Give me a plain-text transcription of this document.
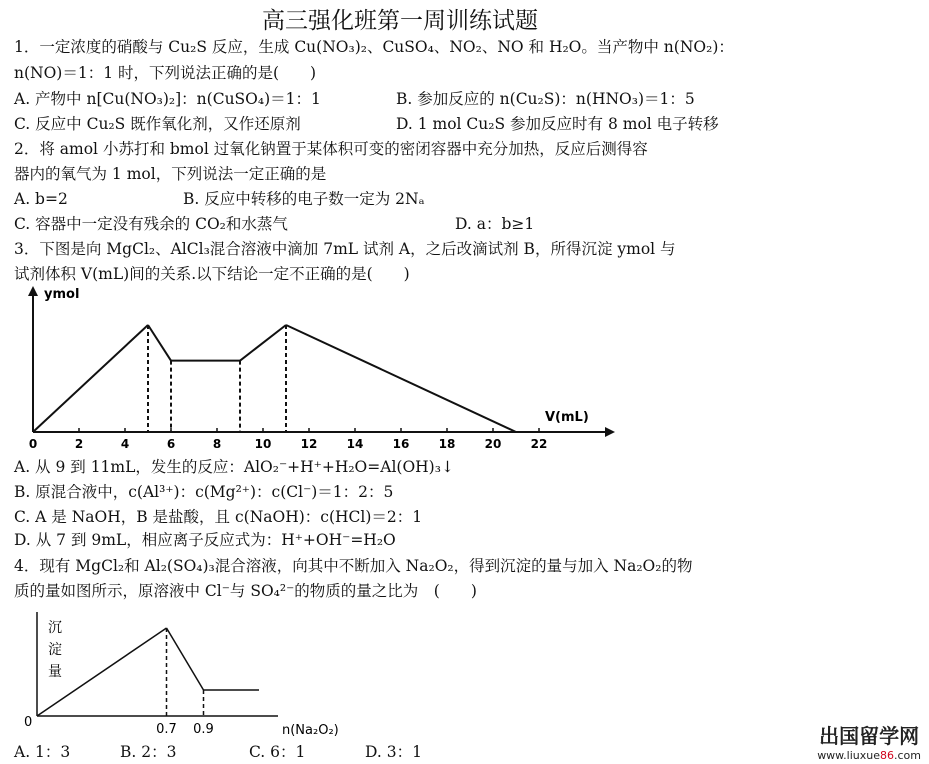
高三强化班第一周训练试题
1．一定浓度的硝酸与 Cu₂S 反应，生成 Cu(NO₃)₂、CuSO₄、NO₂、NO 和 H₂O。当产物中 n(NO₂)：
n(NO)＝1：1 时，下列说法正确的是(　　)
A. 产物中 n[Cu(NO₃)₂]：n(CuSO₄)＝1：1	B. 参加反应的 n(Cu₂S)：n(HNO₃)＝1：5
C. 反应中 Cu₂S 既作氧化剂，又作还原剂	D. 1 mol Cu₂S 参加反应时有 8 mol 电子转移
2．将 amol 小苏打和 bmol 过氧化钠置于某体积可变的密闭容器中充分加热，反应后测得容
器内的氧气为 1 mol，下列说法一定正确的是
A. b=2	B. 反应中转移的电子数一定为 2Nₐ
C. 容器中一定没有残余的 CO₂和水蒸气	D. a：b≥1
3．下图是向 MgCl₂、AlCl₃混合溶液中滴加 7mL 试剂 A，之后改滴试剂 B，所得沉淀 ymol 与
试剂体积 V(mL)间的关系.以下结论一定不正确的是(　　)
0	2	4	6	8	10 12 14 16 18 20 22
ymol
V(mL)
A. 从 9 到 11mL，发生的反应：AlO₂⁻+H⁺+H₂O=Al(OH)₃↓
B. 原混合液中，c(Al³⁺)：c(Mg²⁺)：c(Cl⁻)＝1：2：5
C. A 是 NaOH，B 是盐酸，且 c(NaOH)：c(HCl)＝2：1
D. 从 7 到 9mL，相应离子反应式为：H⁺+OH⁻=H₂O
4．现有 MgCl₂和 Al₂(SO₄)₃混合溶液，向其中不断加入 Na₂O₂，得到沉淀的量与加入 Na₂O₂的物
质的量如图所示，原溶液中 Cl⁻与 SO₄²⁻的物质的量之比为　(　　)
沉
淀
量
0
n(Na₂O₂)
0.7 0.9
A. 1：3	B. 2：3	C. 6：1	D. 3：1
出国留学网
www.liuxue86.com
